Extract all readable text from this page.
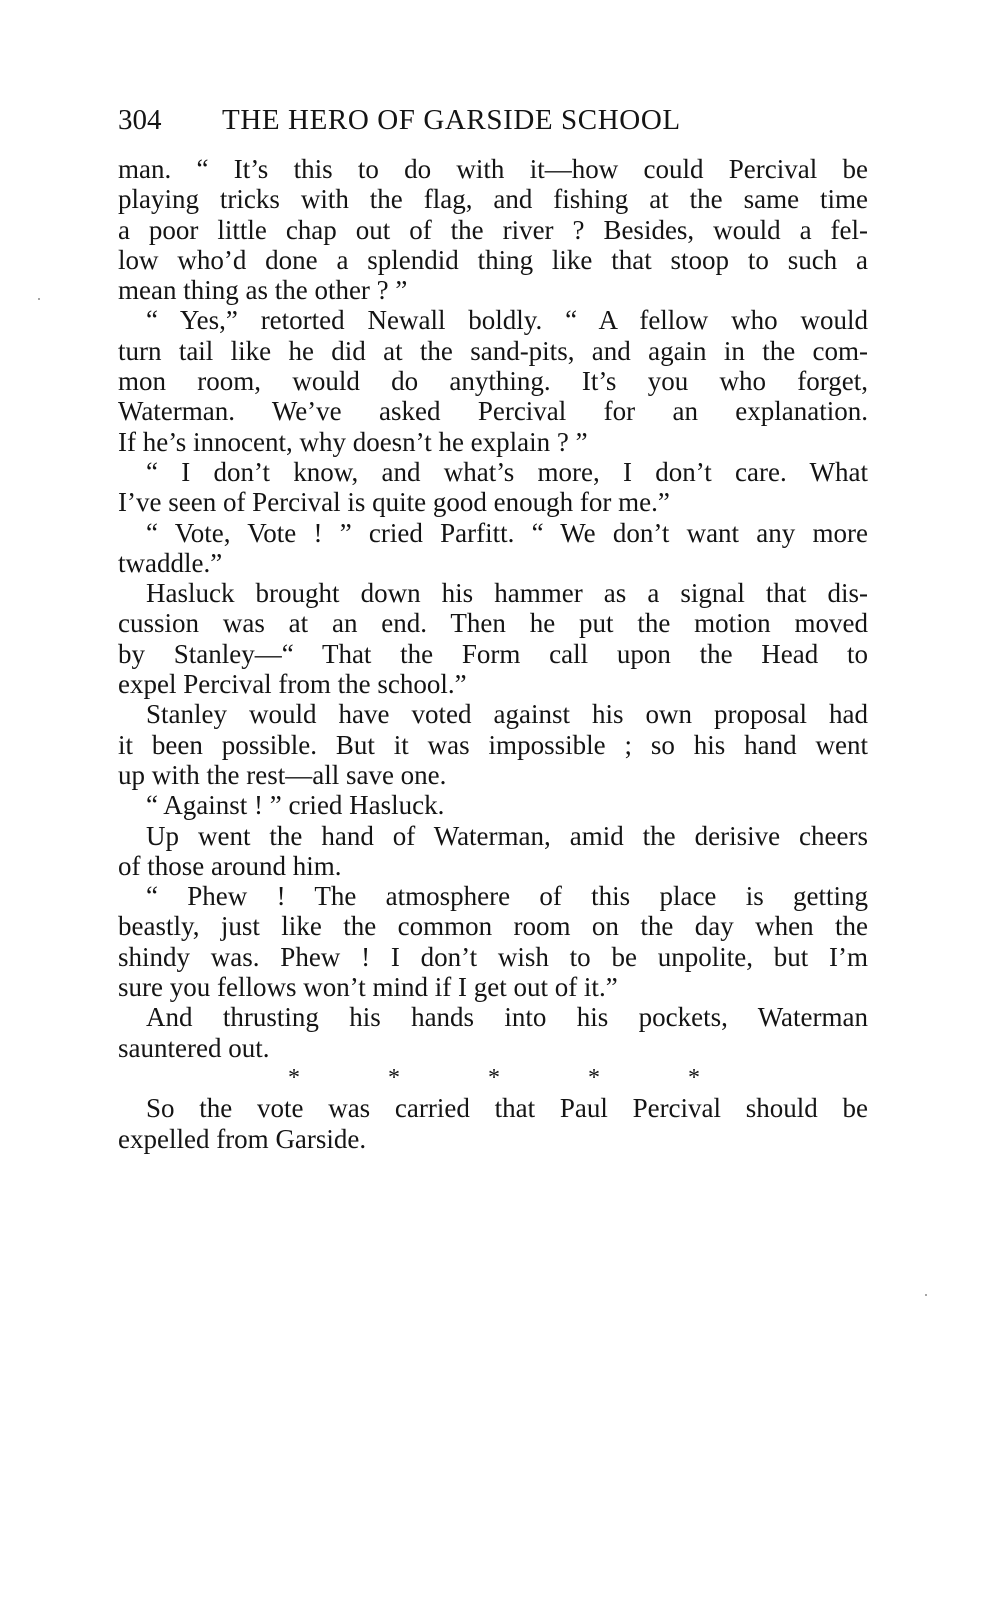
304 THE HERO OF GARSIDE SCHOOL
man. “ It’s this to do with it—how could Percival be
playing tricks with the flag, and fishing at the same time
a poor little chap out of the river ? Besides, would a fel-
low who’d done a splendid thing like that stoop to such a
mean thing as the other ? ”
“ Yes,” retorted Newall boldly. “ A fellow who would
turn tail like he did at the sand-pits, and again in the com-
mon room, would do anything. It’s you who forget,
Waterman. We’ve asked Percival for an explanation.
If he’s innocent, why doesn’t he explain ? ”
“ I don’t know, and what’s more, I don’t care. What
I’ve seen of Percival is quite good enough for me.”
“ Vote, Vote ! ” cried Parfitt. “ We don’t want any more
twaddle.”
Hasluck brought down his hammer as a signal that dis-
cussion was at an end. Then he put the motion moved
by Stanley—“ That the Form call upon the Head to
expel Percival from the school.”
Stanley would have voted against his own proposal had
it been possible. But it was impossible ; so his hand went
up with the rest—all save one.
“ Against ! ” cried Hasluck.
Up went the hand of Waterman, amid the derisive cheers
of those around him.
“ Phew ! The atmosphere of this place is getting
beastly, just like the common room on the day when the
shindy was. Phew ! I don’t wish to be unpolite, but I’m
sure you fellows won’t mind if I get out of it.”
And thrusting his hands into his pockets, Waterman
sauntered out.
*	*	*	*	*
So the vote was carried that Paul Percival should be
expelled from Garside.
